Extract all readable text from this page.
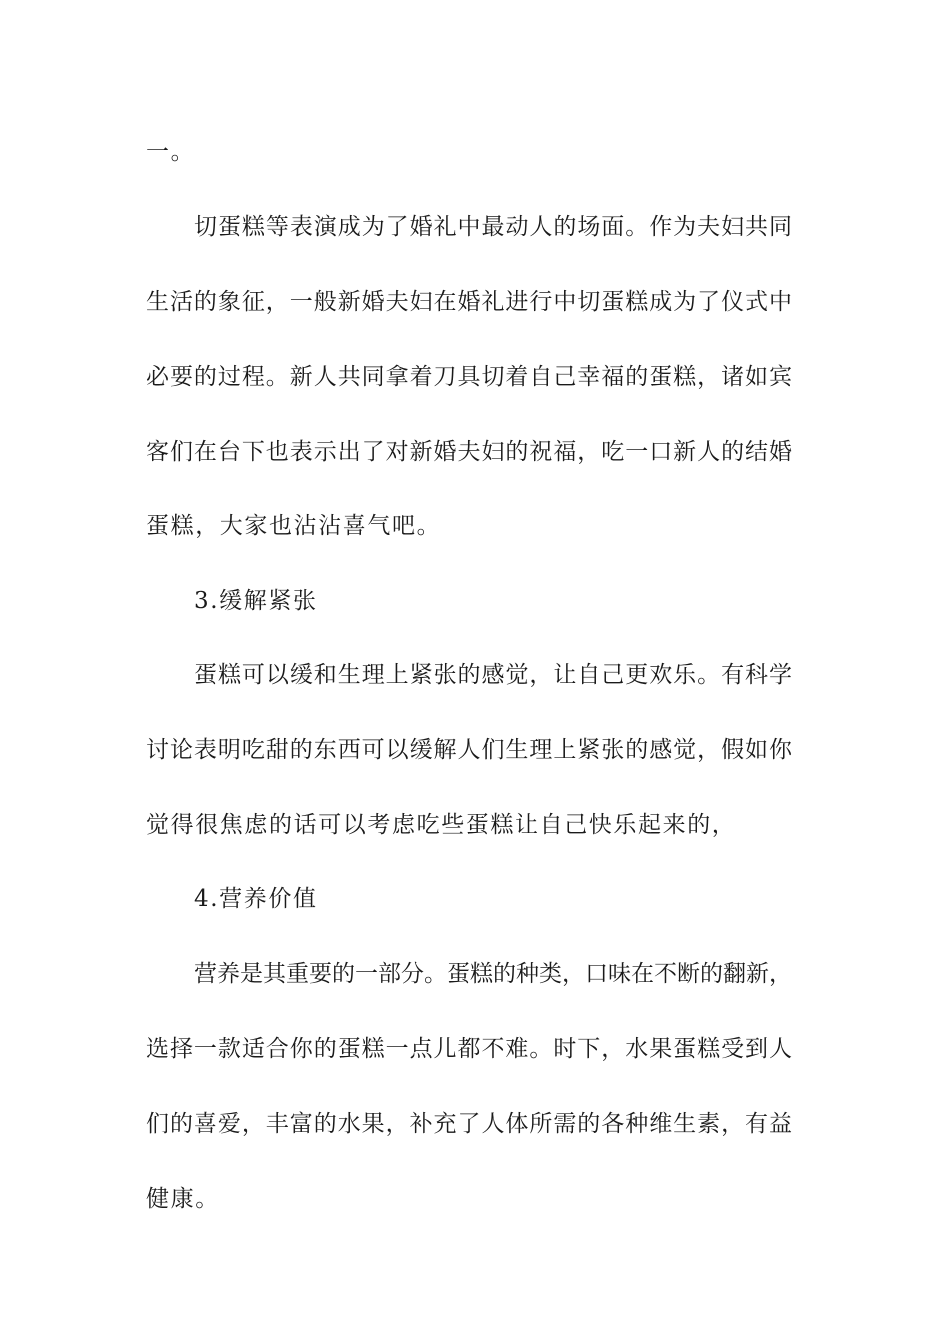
一。
切蛋糕等表演成为了婚礼中最动人的场面。作为夫妇共同
生活的象征，一般新婚夫妇在婚礼进行中切蛋糕成为了仪式中
必要的过程。新人共同拿着刀具切着自己幸福的蛋糕，诸如宾
客们在台下也表示出了对新婚夫妇的祝福，吃一口新人的结婚
蛋糕，大家也沾沾喜气吧。
3.缓解紧张
蛋糕可以缓和生理上紧张的感觉，让自己更欢乐。有科学
讨论表明吃甜的东西可以缓解人们生理上紧张的感觉，假如你
觉得很焦虑的话可以考虑吃些蛋糕让自己快乐起来的，
4.营养价值
营养是其重要的一部分。蛋糕的种类，口味在不断的翻新，
选择一款适合你的蛋糕一点儿都不难。时下，水果蛋糕受到人
们的喜爱，丰富的水果，补充了人体所需的各种维生素，有益
健康。
